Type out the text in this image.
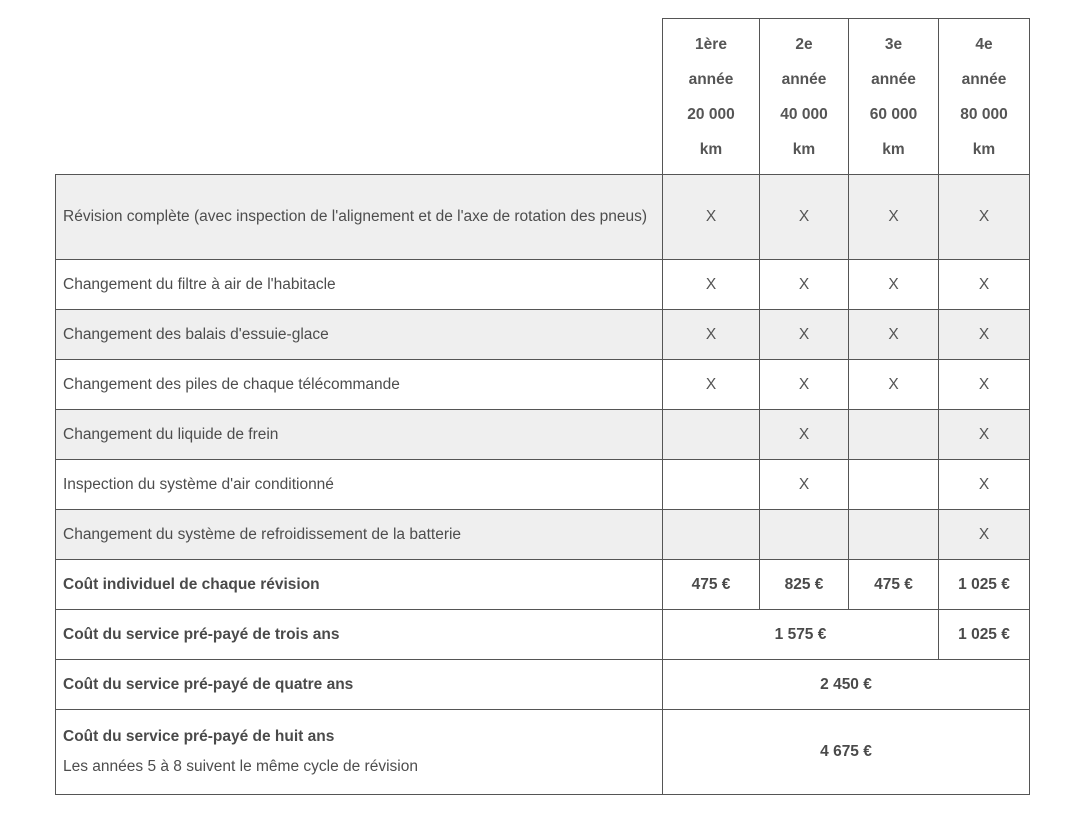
	1ère
année
20 000
km	2e
année
40 000
km	3e
année
60 000
km	4e
année
80 000
km

Révision complète (avec inspection de l'alignement et de l'axe de rotation des pneus)	X	X	X	X
Changement du filtre à air de l'habitacle	X	X	X	X
Changement des balais d'essuie-glace	X	X	X	X
Changement des piles de chaque télécommande	X	X	X	X
Changement du liquide de frein		X		X
Inspection du système d'air conditionné		X		X
Changement du système de refroidissement de la batterie				X
Coût individuel de chaque révision	475 €	825 €	475 €	1 025 €
Coût du service pré-payé de trois ans	1 575 €			1 025 €
Coût du service pré-payé de quatre ans	2 450 €			
Coût du service pré-payé de huit ans
Les années 5 à 8 suivent le même cycle de révision	4 675 €			
